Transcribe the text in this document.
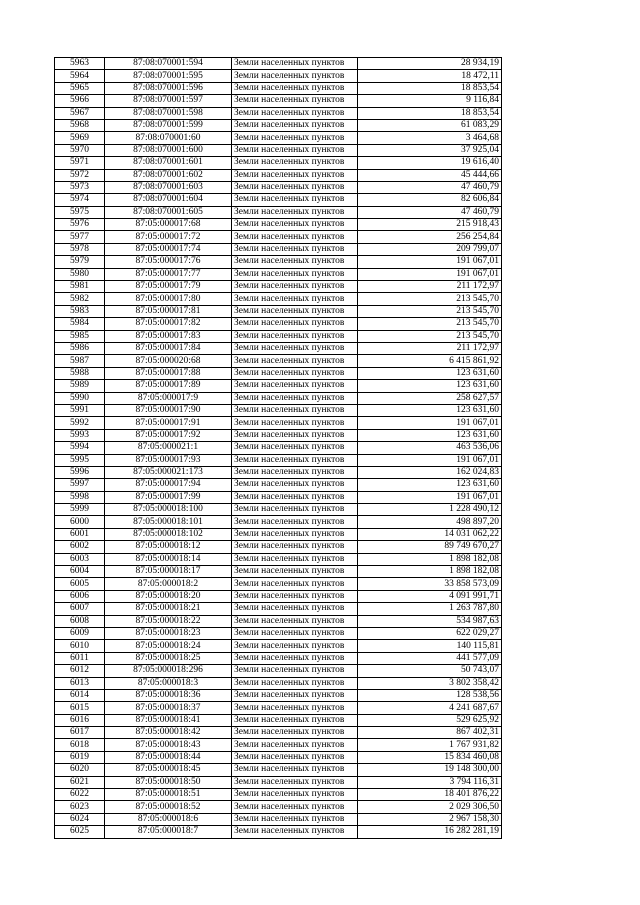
5963	87:08:070001:594	Земли населенных пунктов	28 934,19
5964	87:08:070001:595	Земли населенных пунктов	18 472,11
5965	87:08:070001:596	Земли населенных пунктов	18 853,54
5966	87:08:070001:597	Земли населенных пунктов	9 116,84
5967	87:08:070001:598	Земли населенных пунктов	18 853,54
5968	87:08:070001:599	Земли населенных пунктов	61 083,29
5969	87:08:070001:60	Земли населенных пунктов	3 464,68
5970	87:08:070001:600	Земли населенных пунктов	37 925,04
5971	87:08:070001:601	Земли населенных пунктов	19 616,40
5972	87:08:070001:602	Земли населенных пунктов	45 444,66
5973	87:08:070001:603	Земли населенных пунктов	47 460,79
5974	87:08:070001:604	Земли населенных пунктов	82 606,84
5975	87:08:070001:605	Земли населенных пунктов	47 460,79
5976	87:05:000017:68	Земли населенных пунктов	215 918,43
5977	87:05:000017:72	Земли населенных пунктов	256 254,84
5978	87:05:000017:74	Земли населенных пунктов	209 799,07
5979	87:05:000017:76	Земли населенных пунктов	191 067,01
5980	87:05:000017:77	Земли населенных пунктов	191 067,01
5981	87:05:000017:79	Земли населенных пунктов	211 172,97
5982	87:05:000017:80	Земли населенных пунктов	213 545,70
5983	87:05:000017:81	Земли населенных пунктов	213 545,70
5984	87:05:000017:82	Земли населенных пунктов	213 545,70
5985	87:05:000017:83	Земли населенных пунктов	213 545,70
5986	87:05:000017:84	Земли населенных пунктов	211 172,97
5987	87:05:000020:68	Земли населенных пунктов	6 415 861,92
5988	87:05:000017:88	Земли населенных пунктов	123 631,60
5989	87:05:000017:89	Земли населенных пунктов	123 631,60
5990	87:05:000017:9	Земли населенных пунктов	258 627,57
5991	87:05:000017:90	Земли населенных пунктов	123 631,60
5992	87:05:000017:91	Земли населенных пунктов	191 067,01
5993	87:05:000017:92	Земли населенных пунктов	123 631,60
5994	87:05:000021:1	Земли населенных пунктов	463 536,06
5995	87:05:000017:93	Земли населенных пунктов	191 067,01
5996	87:05:000021:173	Земли населенных пунктов	162 024,83
5997	87:05:000017:94	Земли населенных пунктов	123 631,60
5998	87:05:000017:99	Земли населенных пунктов	191 067,01
5999	87:05:000018:100	Земли населенных пунктов	1 228 490,12
6000	87:05:000018:101	Земли населенных пунктов	498 897,20
6001	87:05:000018:102	Земли населенных пунктов	14 031 062,22
6002	87:05:000018:12	Земли населенных пунктов	89 749 670,27
6003	87:05:000018:14	Земли населенных пунктов	1 898 182,08
6004	87:05:000018:17	Земли населенных пунктов	1 898 182,08
6005	87:05:000018:2	Земли населенных пунктов	33 858 573,09
6006	87:05:000018:20	Земли населенных пунктов	4 091 991,71
6007	87:05:000018:21	Земли населенных пунктов	1 263 787,80
6008	87:05:000018:22	Земли населенных пунктов	534 987,63
6009	87:05:000018:23	Земли населенных пунктов	622 029,27
6010	87:05:000018:24	Земли населенных пунктов	140 115,81
6011	87:05:000018:25	Земли населенных пунктов	441 577,09
6012	87:05:000018:296	Земли населенных пунктов	50 743,07
6013	87:05:000018:3	Земли населенных пунктов	3 802 358,42
6014	87:05:000018:36	Земли населенных пунктов	128 538,56
6015	87:05:000018:37	Земли населенных пунктов	4 241 687,67
6016	87:05:000018:41	Земли населенных пунктов	529 625,92
6017	87:05:000018:42	Земли населенных пунктов	867 402,31
6018	87:05:000018:43	Земли населенных пунктов	1 767 931,82
6019	87:05:000018:44	Земли населенных пунктов	15 834 460,08
6020	87:05:000018:45	Земли населенных пунктов	19 148 300,00
6021	87:05:000018:50	Земли населенных пунктов	3 794 116,31
6022	87:05:000018:51	Земли населенных пунктов	18 401 876,22
6023	87:05:000018:52	Земли населенных пунктов	2 029 306,50
6024	87:05:000018:6	Земли населенных пунктов	2 967 158,30
6025	87:05:000018:7	Земли населенных пунктов	16 282 281,19
